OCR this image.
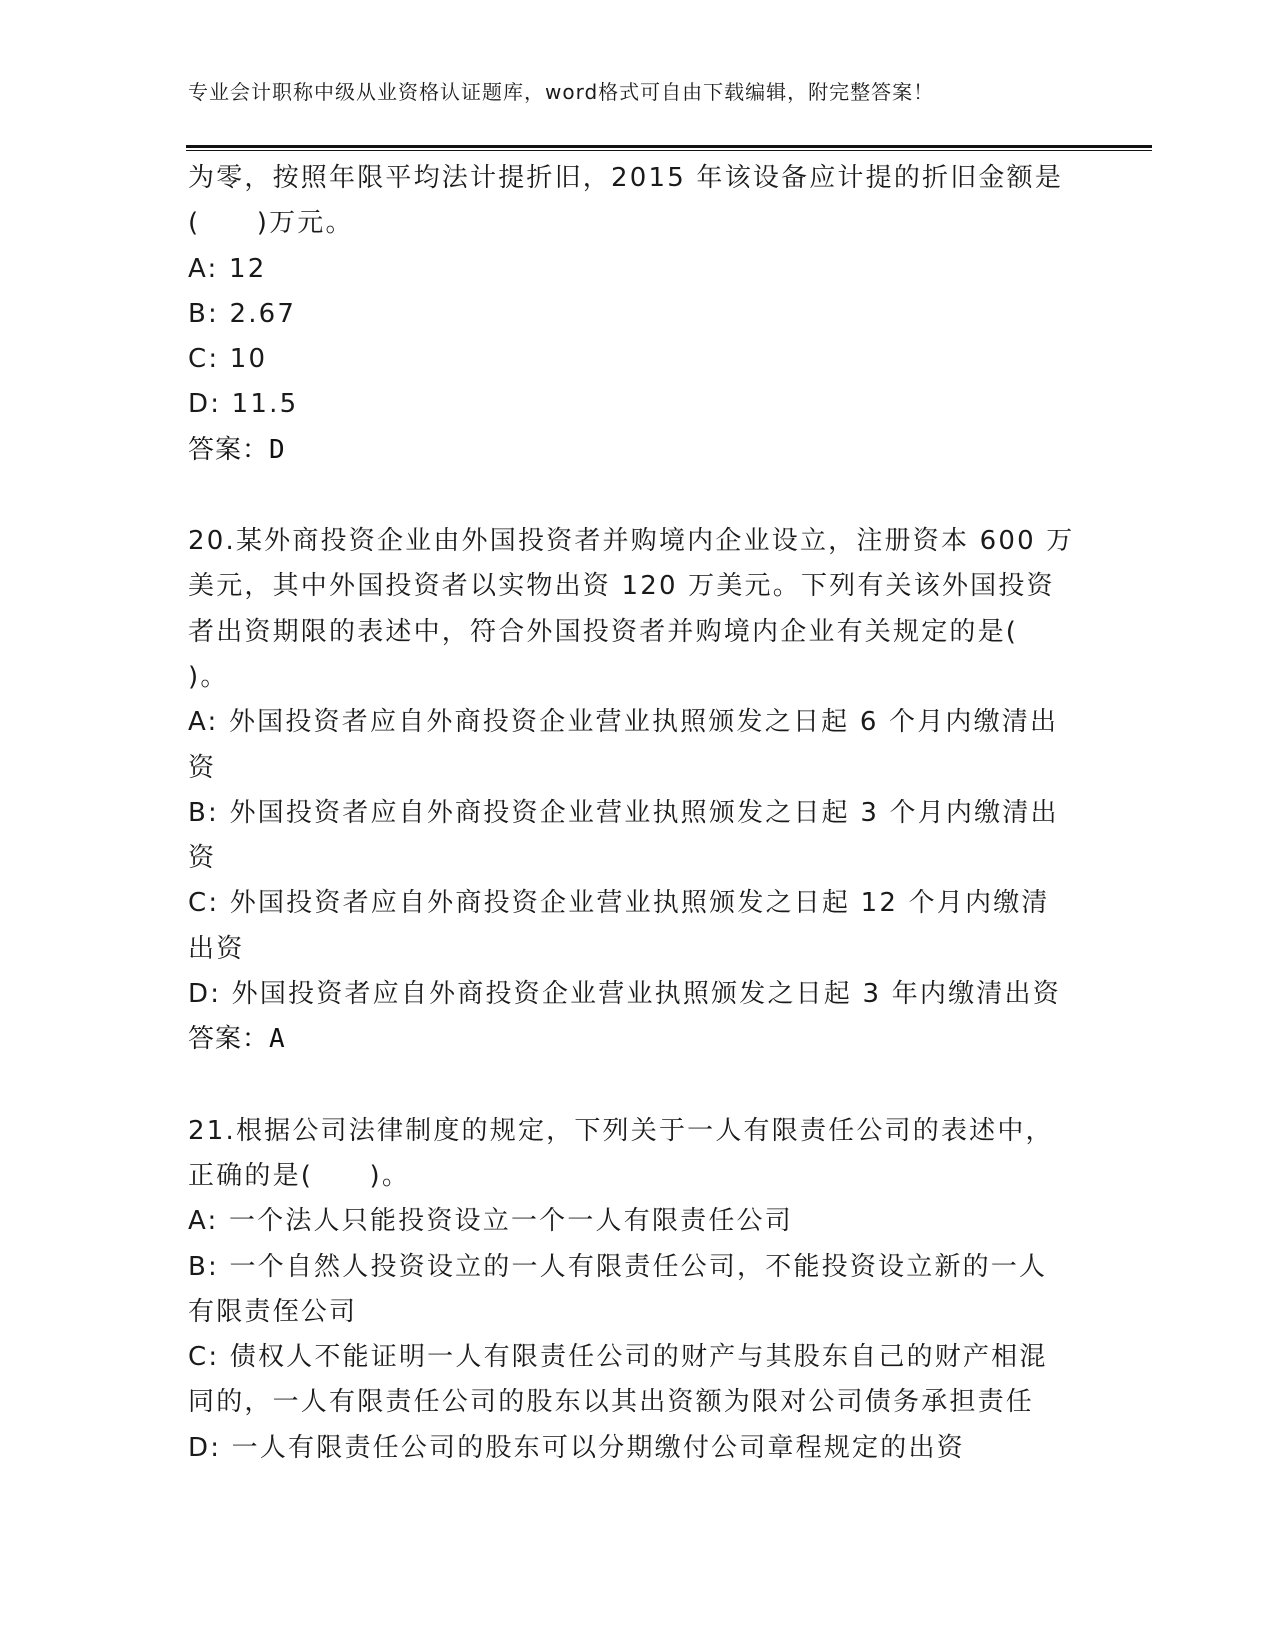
专业会计职称中级从业资格认证题库，word格式可自由下载编辑，附完整答案！
为零，按照年限平均法计提折旧，2015 年该设备应计提的折旧金额是
(　　)万元。
A: 12
B: 2.67
C: 10
D: 11.5
答案：D
20.某外商投资企业由外国投资者并购境内企业设立，注册资本 600 万
美元，其中外国投资者以实物出资 120 万美元。下列有关该外国投资
者出资期限的表述中，符合外国投资者并购境内企业有关规定的是(
)。
A: 外国投资者应自外商投资企业营业执照颁发之日起 6 个月内缴清出
资
B: 外国投资者应自外商投资企业营业执照颁发之日起 3 个月内缴清出
资
C: 外国投资者应自外商投资企业营业执照颁发之日起 12 个月内缴清
出资
D: 外国投资者应自外商投资企业营业执照颁发之日起 3 年内缴清出资
答案：A
21.根据公司法律制度的规定，下列关于一人有限责任公司的表述中，
正确的是(　　)。
A: 一个法人只能投资设立一个一人有限责任公司
B: 一个自然人投资设立的一人有限责任公司，不能投资设立新的一人
有限责侄公司
C: 债权人不能证明一人有限责任公司的财产与其股东自己的财产相混
同的，一人有限责任公司的股东以其出资额为限对公司债务承担责任
D: 一人有限责任公司的股东可以分期缴付公司章程规定的出资
